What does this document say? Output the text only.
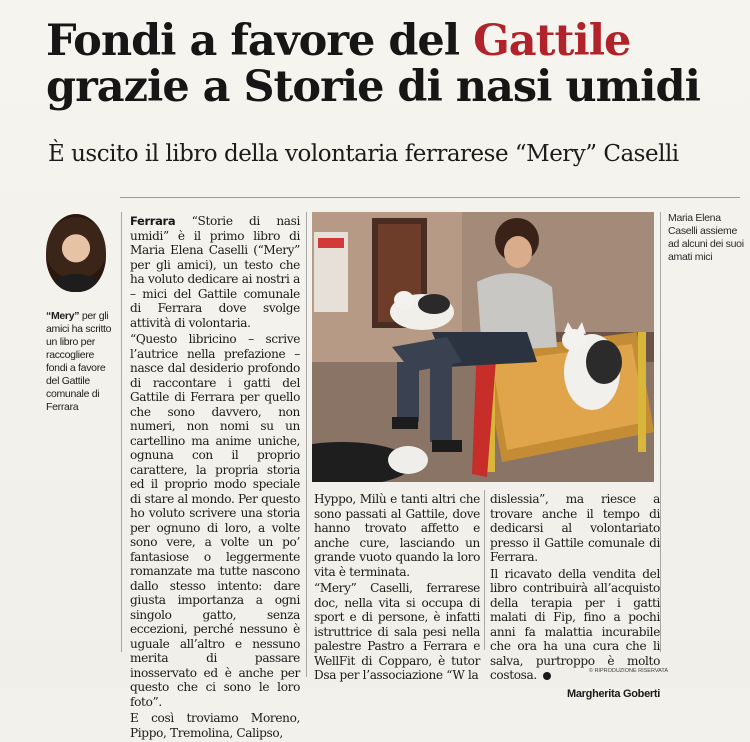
Fondi a favore del Gattile
grazie a Storie di nasi umidi
È uscito il libro della volontaria ferrarese “Mery” Caselli
“Mery” per gli amici ha scritto un libro per raccogliere fondi a favore del Gattile comunale di Ferrara

Ferrara “Storie di nasi umidi” è il primo libro di Maria Elena Caselli (“Mery” per gli amici), un testo che ha voluto dedicare ai nostri a – mici del Gattile comunale di Ferrara dove svolge attività di volontaria.

“Questo libricino – scrive l’autrice nella prefazione – nasce dal desiderio profondo di raccontare i gatti del Gattile di Ferrara per quello che sono davvero, non numeri, non nomi su un cartellino ma anime uniche, ognuna con il proprio carattere, la propria storia ed il proprio modo speciale di stare al mondo. Per questo ho voluto scrivere una storia per ognuno di loro, a volte sono vere, a volte un po’ fantasiose o leggermente romanzate ma tutte nascono dallo stesso intento: dare giusta importanza a ogni singolo gatto, senza eccezioni, perché nessuno è uguale all’altro e nessuno merita di passare inosservato ed è anche per questo che ci sono le loro foto”.

E così troviamo Moreno, Pippo, Tremolina, Calipso,

Maria Elena Caselli assieme ad alcuni dei suoi amati mici

Hyppo, Milù e tanti altri che sono passati al Gattile, dove hanno trovato affetto e anche cure, lasciando un grande vuoto quando la loro vita è terminata.

“Mery” Caselli, ferrarese doc, nella vita si occupa di sport e di persone, è infatti istruttrice di sala pesi nella palestre Pastro a Ferrara e WellFit di Copparo, è tutor Dsa per l’associazione “W la

dislessia”, ma riesce a trovare anche il tempo di dedicarsi al volontariato presso il Gattile comunale di Ferrara.

Il ricavato della vendita del libro contribuirà all’acquisto della terapia per i gatti malati di Fip, fino a pochi anni fa malattia incurabile che ora ha una cura che li salva, purtroppo è molto costosa.

Margherita Goberti
© RIPRODUZIONE RISERVATA
